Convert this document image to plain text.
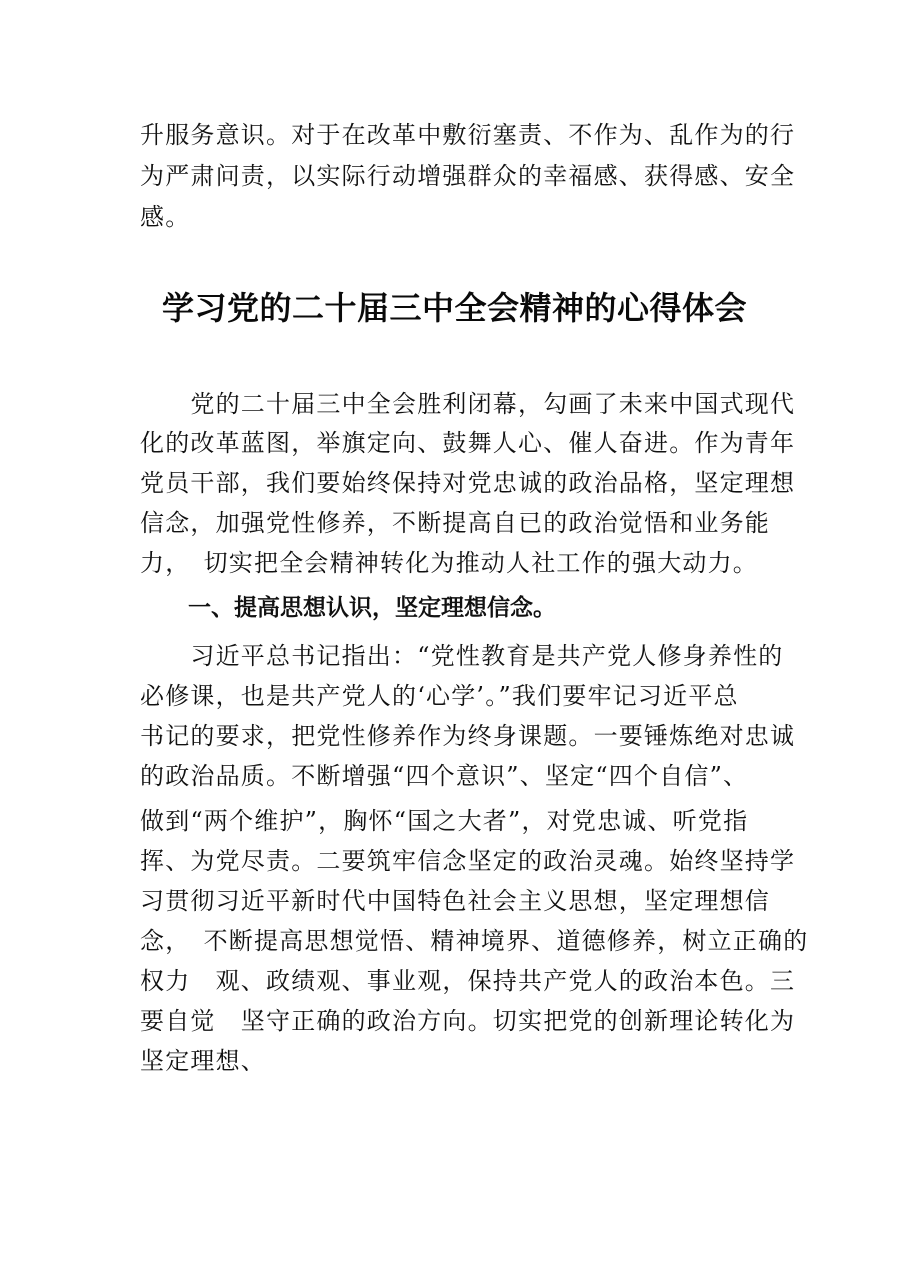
升服务意识。对于在改革中敷衍塞责、不作为、乱作为的行
为严肃问责，以实际行动增强群众的幸福感、获得感、安全
感。
学习党的二十届三中全会精神的心得体会
　　党的二十届三中全会胜利闭幕，勾画了未来中国式现代
化的改革蓝图，举旗定向、鼓舞人心、催人奋进。作为青年
党员干部，我们要始终保持对党忠诚的政治品格，坚定理想
信念，加强党性修养，不断提高自已的政治觉悟和业务能
力，　切实把全会精神转化为推动人社工作的强大动力。
一、提高思想认识，坚定理想信念。
　　习近平总书记指出：“党性教育是共产党人修身养性的
必修课，也是共产党人的‘心学’。”我们要牢记习近平总
书记的要求，把党性修养作为终身课题。一要锤炼绝对忠诚
的政治品质。不断增强“四个意识”、坚定“四个自信”、
做到“两个维护”，胸怀“国之大者”，对党忠诚、听党指
挥、为党尽责。二要筑牢信念坚定的政治灵魂。始终坚持学
习贯彻习近平新时代中国特色社会主义思想，坚定理想信
念，　不断提高思想觉悟、精神境界、道德修养，树立正确的
权力　观、政绩观、事业观，保持共产党人的政治本色。三
要自觉　坚守正确的政治方向。切实把党的创新理论转化为
坚定理想、
